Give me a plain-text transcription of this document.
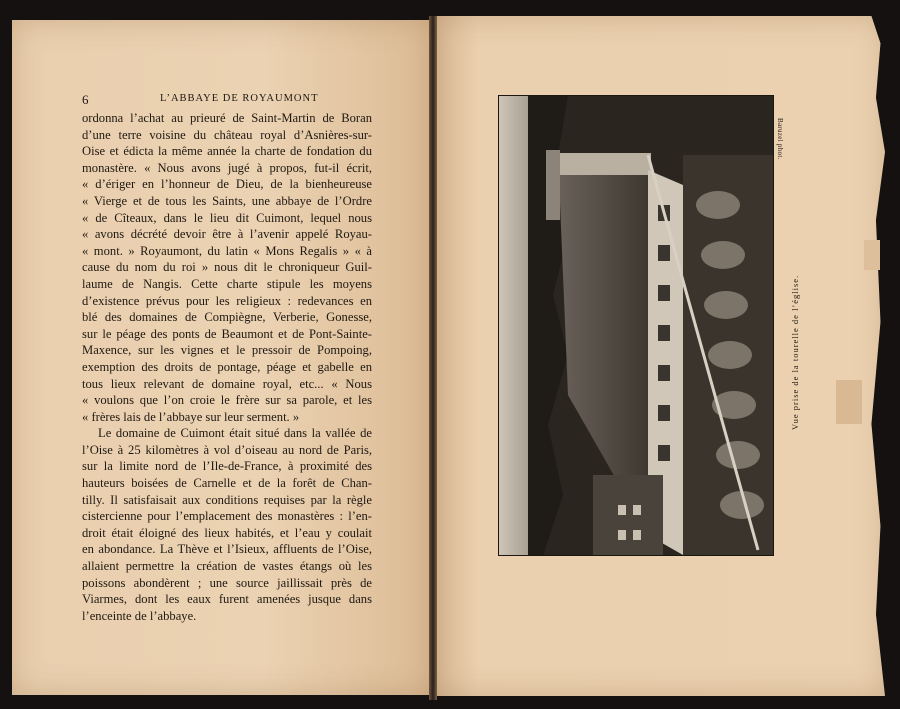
6	L’ABBAYE DE ROYAUMONT
ordonna l’achat au prieuré de Saint-Martin de Boran
d’une terre voisine du château royal d’Asnières-sur-
Oise et édicta la même année la charte de fondation du
monastère. « Nous avons jugé à propos, fut-il écrit,
« d’ériger en l’honneur de Dieu, de la bienheureuse
« Vierge et de tous les Saints, une abbaye de l’Ordre
« de Cîteaux, dans le lieu dit Cuimont, lequel nous
« avons décrété devoir être à l’avenir appelé Royau-
« mont. » Royaumont, du latin « Mons Regalis » « à
cause du nom du roi » nous dit le chroniqueur Guil-
laume de Nangis. Cette charte stipule les moyens
d’existence prévus pour les religieux : redevances en
blé des domaines de Compiègne, Verberie, Gonesse,
sur le péage des ponts de Beaumont et de Pont-Sainte-
Maxence, sur les vignes et le pressoir de Pompoing,
exemption des droits de pontage, péage et gabelle en
tous lieux relevant de domaine royal, etc... « Nous
« voulons que l’on croie le frère sur sa parole, et les
« frères lais de l’abbaye sur leur serment. »
Le domaine de Cuimont était situé dans la vallée de
l’Oise à 25 kilomètres à vol d’oiseau au nord de Paris,
sur la limite nord de l’Ile-de-France, à proximité des
hauteurs boisées de Carnelle et de la forêt de Chan-
tilly. Il satisfaisait aux conditions requises par la règle
cistercienne pour l’emplacement des monastères : l’en-
droit était éloigné des lieux habités, et l’eau y coulait
en abondance. La Thève et l’Isieux, affluents de l’Oise,
allaient permettre la création de vastes étangs où les
poissons abondèrent ; une source jaillissait près de
Viarmes, dont les eaux furent amenées jusque dans
l’enceinte de l’abbaye.
Baruzel phot.
Vue prise de la tourelle de l’église.
